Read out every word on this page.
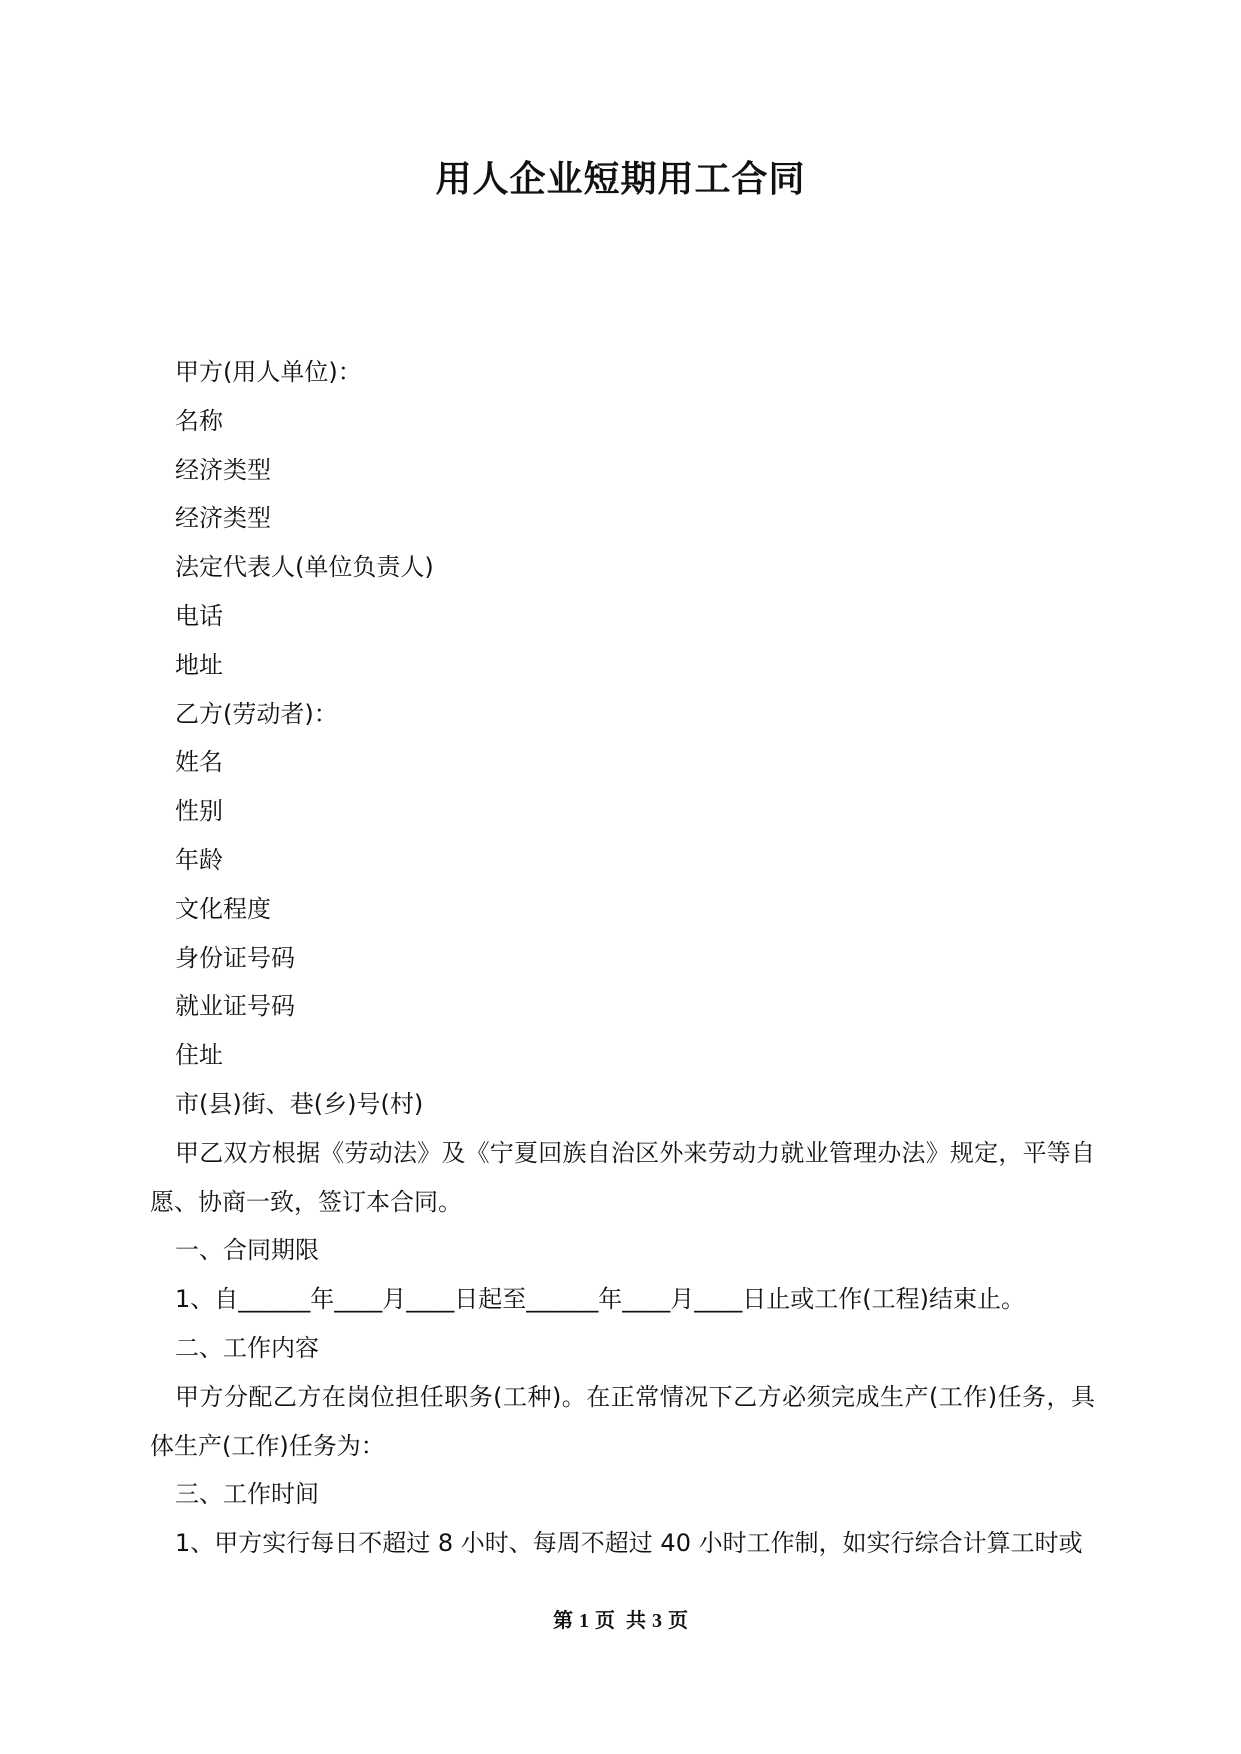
用人企业短期用工合同

甲方(用人单位)：

名称

经济类型

经济类型

法定代表人(单位负责人)

电话

地址

乙方(劳动者)：

姓名

性别

年龄

文化程度

身份证号码

就业证号码

住址

市(县)街、巷(乡)号(村)

甲乙双方根据《劳动法》及《宁夏回族自治区外来劳动力就业管理办法》规定，平等自愿、协商一致，签订本合同。

一、合同期限

1、自______年____月____日起至______年____月____日止或工作(工程)结束止。

二、工作内容

甲方分配乙方在岗位担任职务(工种)。在正常情况下乙方必须完成生产(工作)任务，具体生产(工作)任务为：

三、工作时间

1、甲方实行每日不超过 8 小时、每周不超过 40 小时工作制，如实行综合计算工时或

第 1 页 共 3 页
